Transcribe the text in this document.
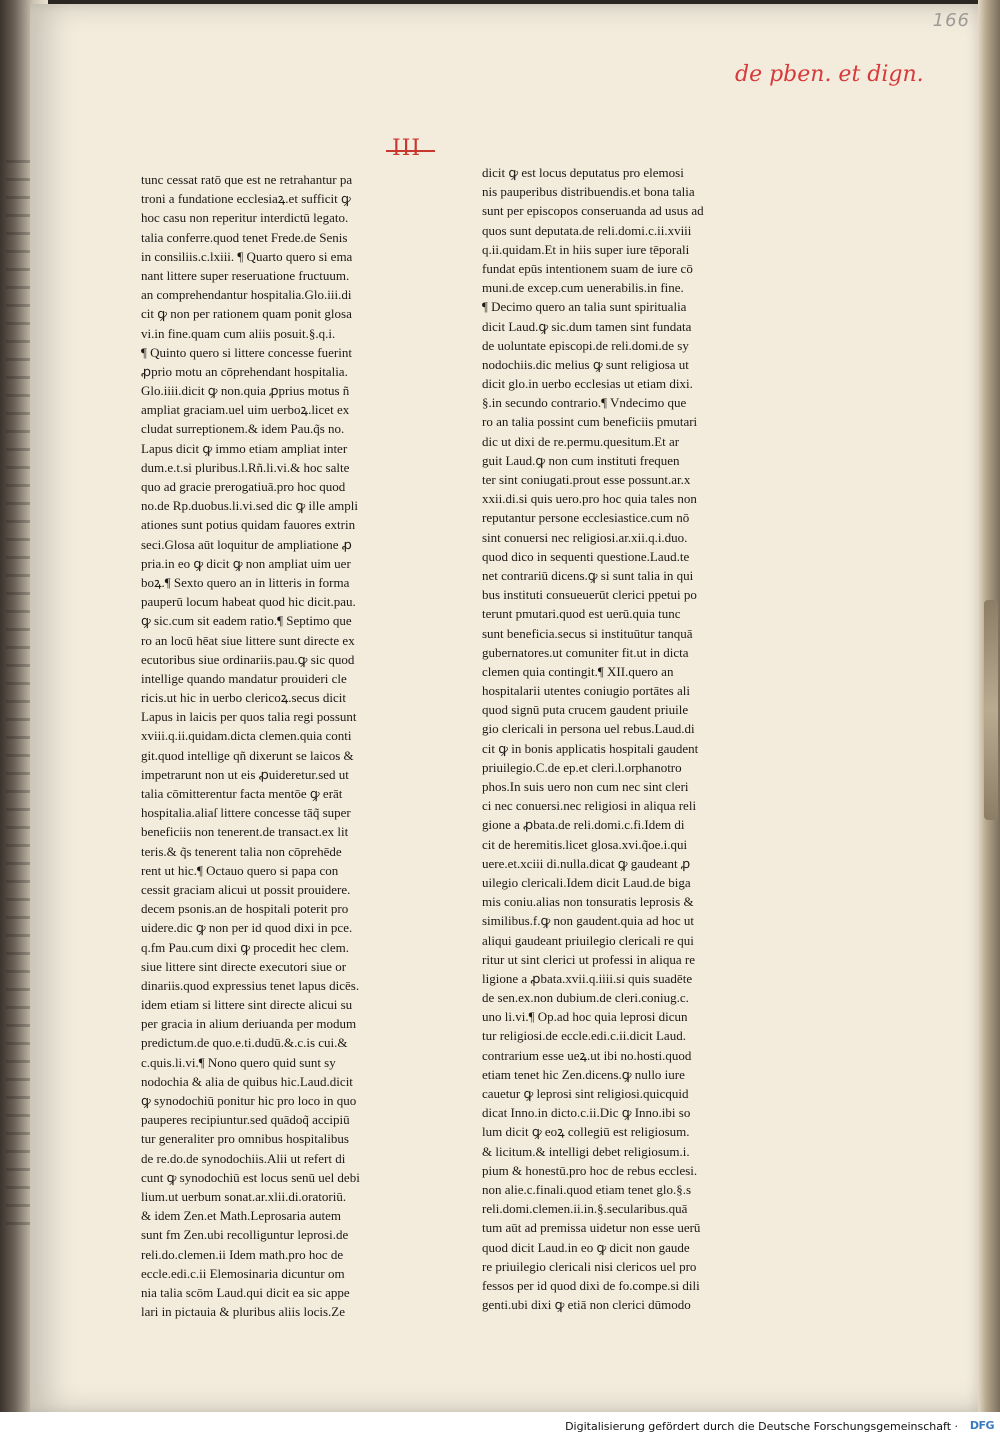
166
de pben. et dign.
III
tunc cessat ratō que est ne retrahantur pa
troni a fundatione ecclesiaꝝ.et sufficit ꝙ
hoc casu non reperitur interdictū legato.
talia conferre.quod tenet Frede.de Senis
in consiliis.c.lxiii. ¶ Quarto quero si ema
nant littere super reseruatione fructuum.
an comprehendantur hospitalia.Glo.iii.di
cit ꝙ non per rationem quam ponit glosa
vi.in fine.quam cum aliis posuit.§.q.i.
¶ Quinto quero si littere concesse fuerint
ꝓprio motu an cōprehendant hospitalia.
Glo.iiii.dicit ꝙ non.quia ꝓprius motus ñ
ampliat graciam.uel uim uerboꝝ.licet ex
cludat surreptionem.& idem Pau.q̃s no.
Lapus dicit ꝙ immo etiam ampliat inter
dum.e.t.si pluribus.l.Rñ.li.vi.& hoc salte
quo ad gracie prerogatiuā.pro hoc quod
no.de Rp.duobus.li.vi.sed dic ꝙ ille ampli
ationes sunt potius quidam fauores extrin
seci.Glosa aūt loquitur de ampliatione ꝓ
pria.in eo ꝙ dicit ꝙ non ampliat uim uer
boꝝ.¶ Sexto quero an in litteris in forma
pauperū locum habeat quod hic dicit.pau.
ꝙ sic.cum sit eadem ratio.¶ Septimo que
ro an locū hēat siue littere sunt directe ex
ecutoribus siue ordinariis.pau.ꝙ sic quod
intellige quando mandatur prouideri cle
ricis.ut hic in uerbo clericoꝝ.secus dicit
Lapus in laicis per quos talia regi possunt
xviii.q.ii.quidam.dicta clemen.quia conti
git.quod intellige qñ dixerunt se laicos &
impetrarunt non ut eis ꝓuideretur.sed ut
talia cōmitterentur facta mentōe ꝙ erāt
hospitalia.aliaſ littere concesse tāq̃ super
beneficiis non tenerent.de transact.ex lit
teris.& q̃s tenerent talia non cōprehēde
rent ut hic.¶ Octauo quero si papa con
cessit graciam alicui ut possit prouidere.
decem psonis.an de hospitali poterit pro
uidere.dic ꝙ non per id quod dixi in pce.
q.fm Pau.cum dixi ꝙ procedit hec clem.
siue littere sint directe executori siue or
dinariis.quod expressius tenet lapus dicēs.
idem etiam si littere sint directe alicui su
per gracia in alium deriuanda per modum
predictum.de quo.e.ti.dudū.&.c.is cui.&
c.quis.li.vi.¶ Nono quero quid sunt sy
nodochia & alia de quibus hic.Laud.dicit
ꝙ synodochiū ponitur hic pro loco in quo
pauperes recipiuntur.sed quādoq̃ accipiū
tur generaliter pro omnibus hospitalibus
de re.do.de synodochiis.Alii ut refert di
cunt ꝙ synodochiū est locus senū uel debi
lium.ut uerbum sonat.ar.xlii.di.oratoriū.
& idem Zen.et Math.Leprosaria autem
sunt fm Zen.ubi recolliguntur leprosi.de
reli.do.clemen.ii Idem math.pro hoc de
eccle.edi.c.ii Elemosinaria dicuntur om
nia talia scōm Laud.qui dicit ea sic appe
lari in pictauia & pluribus aliis locis.Ze
dicit ꝙ est locus deputatus pro elemosi
nis pauperibus distribuendis.et bona talia
sunt per episcopos conseruanda ad usus ad
quos sunt deputata.de reli.domi.c.ii.xviii
q.ii.quidam.Et in hiis super iure tēporali
fundat epūs intentionem suam de iure cō
muni.de excep.cum uenerabilis.in fine.
¶ Decimo quero an talia sunt spiritualia
dicit Laud.ꝙ sic.dum tamen sint fundata
de uoluntate episcopi.de reli.domi.de sy
nodochiis.dic melius ꝙ sunt religiosa ut
dicit glo.in uerbo ecclesias ut etiam dixi.
§.in secundo contrario.¶ Vndecimo que
ro an talia possint cum beneficiis pmutari
dic ut dixi de re.permu.quesitum.Et ar
guit Laud.ꝙ non cum instituti frequen
ter sint coniugati.prout esse possunt.ar.x
xxii.di.si quis uero.pro hoc quia tales non
reputantur persone ecclesiastice.cum nō
sint conuersi nec religiosi.ar.xii.q.i.duo.
quod dico in sequenti questione.Laud.te
net contrariū dicens.ꝙ si sunt talia in qui
bus instituti consueuerūt clerici ppetui po
terunt pmutari.quod est uerū.quia tunc
sunt beneficia.secus si instituūtur tanquā
gubernatores.ut comuniter fit.ut in dicta
clemen quia contingit.¶ XII.quero an
hospitalarii utentes coniugio portātes ali
quod signū puta crucem gaudent priuile
gio clericali in persona uel rebus.Laud.di
cit ꝙ in bonis applicatis hospitali gaudent
priuilegio.C.de ep.et cleri.l.orphanotro
phos.In suis uero non cum nec sint cleri
ci nec conuersi.nec religiosi in aliqua reli
gione a ꝓbata.de reli.domi.c.fi.Idem di
cit de heremitis.licet glosa.xvi.q̃oe.i.qui
uere.et.xciii di.nulla.dicat ꝙ gaudeant ꝓ
uilegio clericali.Idem dicit Laud.de biga
mis coniu.alias non tonsuratis leprosis &
similibus.f.ꝙ non gaudent.quia ad hoc ut
aliqui gaudeant priuilegio clericali re qui
ritur ut sint clerici ut professi in aliqua re
ligione a ꝓbata.xvii.q.iiii.si quis suadēte
de sen.ex.non dubium.de cleri.coniug.c.
uno li.vi.¶ Op.ad hoc quia leprosi dicun
tur religiosi.de eccle.edi.c.ii.dicit Laud.
contrarium esse ueꝝ.ut ibi no.hosti.quod
etiam tenet hic Zen.dicens.ꝙ nullo iure
cauetur ꝙ leprosi sint religiosi.quicquid
dicat Inno.in dicto.c.ii.Dic ꝙ Inno.ibi so
lum dicit ꝙ eoꝝ collegiū est religiosum.
& licitum.& intelligi debet religiosum.i.
pium & honestū.pro hoc de rebus ecclesi.
non alie.c.finali.quod etiam tenet glo.§.s
reli.domi.clemen.ii.in.§.secularibus.quā
tum aūt ad premissa uidetur non esse uerū
quod dicit Laud.in eo ꝙ dicit non gaude
re priuilegio clericali nisi clericos uel pro
fessos per id quod dixi de fo.compe.si dili
genti.ubi dixi ꝙ etiā non clerici dūmodo
Digitalisierung gefördert durch die Deutsche Forschungsgemeinschaft · DFG
